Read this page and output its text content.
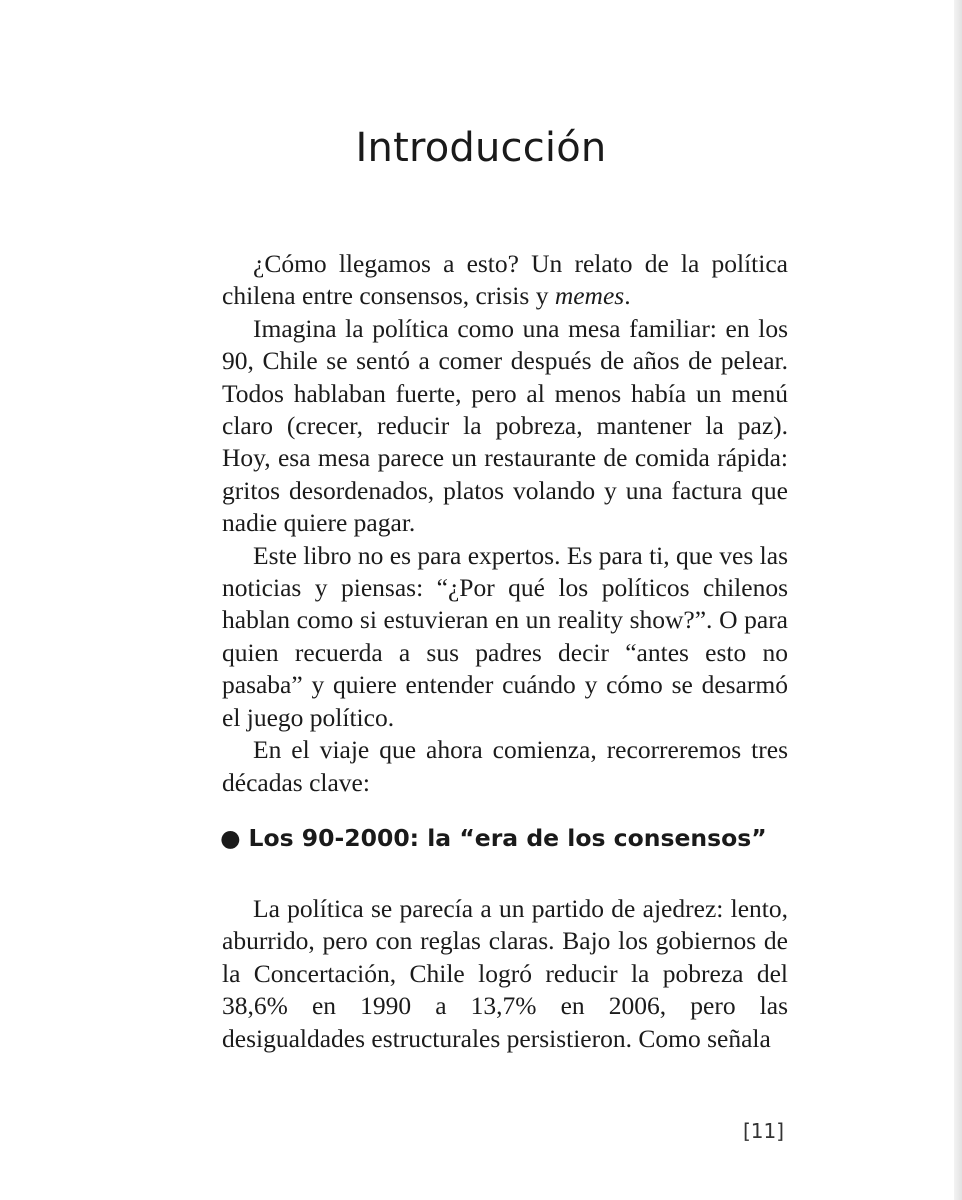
Introducción

¿Cómo llegamos a esto? Un relato de la política chilena entre consensos, crisis y memes.

Imagina la política como una mesa familiar: en los 90, Chile se sentó a comer después de años de pelear. Todos hablaban fuerte, pero al menos había un menú claro (crecer, reducir la pobreza, mantener la paz). Hoy, esa mesa parece un restaurante de comida rápida: gritos desordenados, platos volando y una factura que nadie quiere pagar.

Este libro no es para expertos. Es para ti, que ves las noticias y piensas: “¿Por qué los políticos chilenos hablan como si estuvieran en un reality show?”. O para quien recuerda a sus padres decir “antes esto no pasaba” y quiere entender cuándo y cómo se desarmó el juego político.

En el viaje que ahora comienza, recorreremos tres décadas clave:

● Los 90-2000: la “era de los consensos”

La política se parecía a un partido de ajedrez: lento, aburrido, pero con reglas claras. Bajo los gobiernos de la Concertación, Chile logró reducir la pobreza del 38,6% en 1990 a 13,7% en 2006, pero las desigualdades estructurales persistieron. Como señala

[11]
